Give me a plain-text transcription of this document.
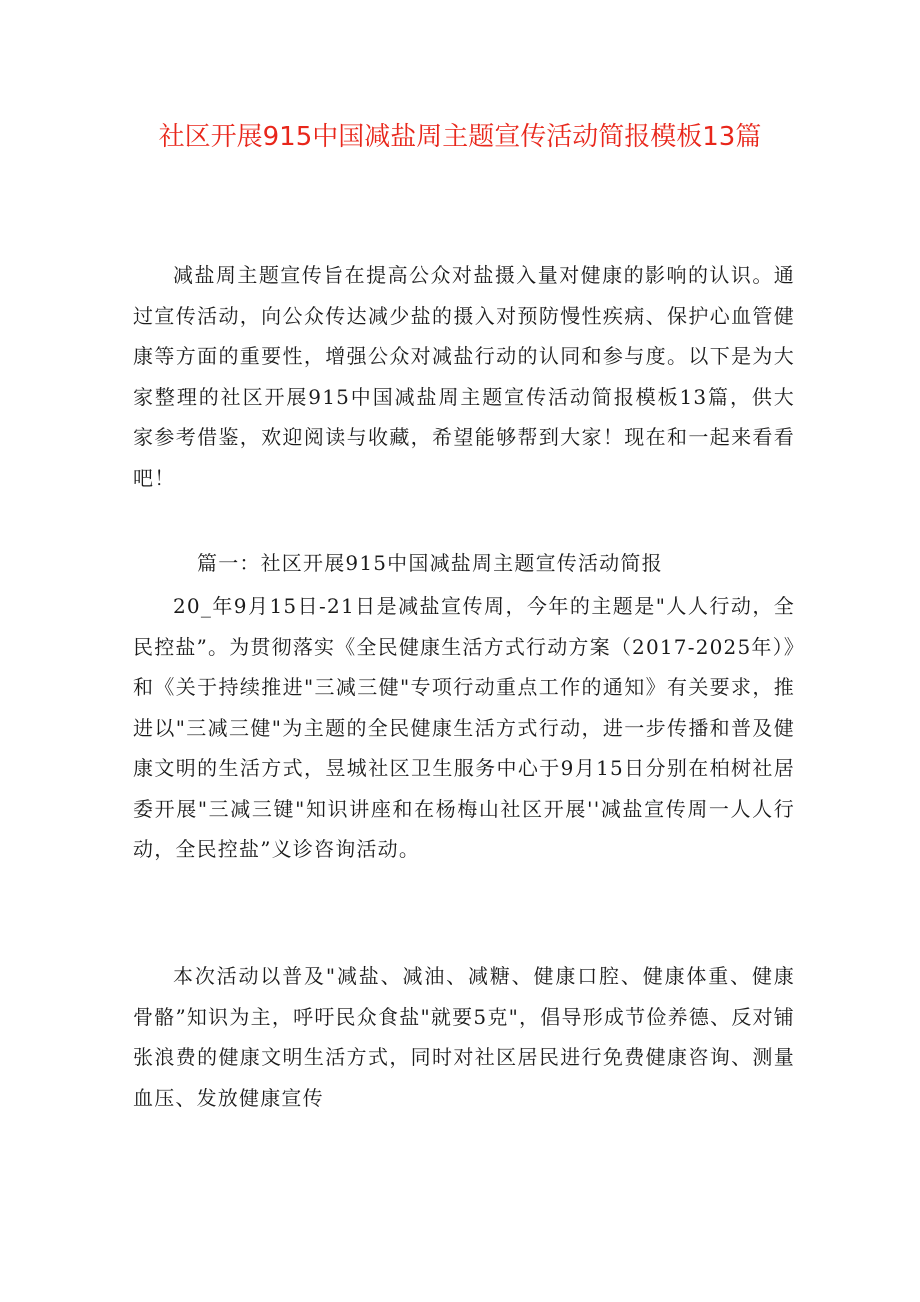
社区开展915中国减盐周主题宣传活动简报模板13篇

减盐周主题宣传旨在提高公众对盐摄入量对健康的影响的认识。通过宣传活动，向公众传达减少盐的摄入对预防慢性疾病、保护心血管健康等方面的重要性，增强公众对减盐行动的认同和参与度。以下是为大家整理的社区开展915中国减盐周主题宣传活动简报模板13篇，供大家参考借鉴，欢迎阅读与收藏，希望能够帮到大家！现在和一起来看看吧！

篇一：社区开展915中国减盐周主题宣传活动简报

20_年9月15日-21日是减盐宣传周，今年的主题是"人人行动，全民控盐”。为贯彻落实《全民健康生活方式行动方案（2017-2025年）》和《关于持续推进"三减三健"专项行动重点工作的通知》有关要求，推进以"三减三健"为主题的全民健康生活方式行动，进一步传播和普及健康文明的生活方式，昱城社区卫生服务中心于9月15日分别在柏树社居委开展"三减三键"知识讲座和在杨梅山社区开展''减盐宣传周一人人行动，全民控盐”义诊咨询活动。

本次活动以普及"减盐、减油、减糖、健康口腔、健康体重、健康骨骼”知识为主，呼吁民众食盐"就要5克"，倡导形成节俭养德、反对铺张浪费的健康文明生活方式，同时对社区居民进行免费健康咨询、测量血压、发放健康宣传
